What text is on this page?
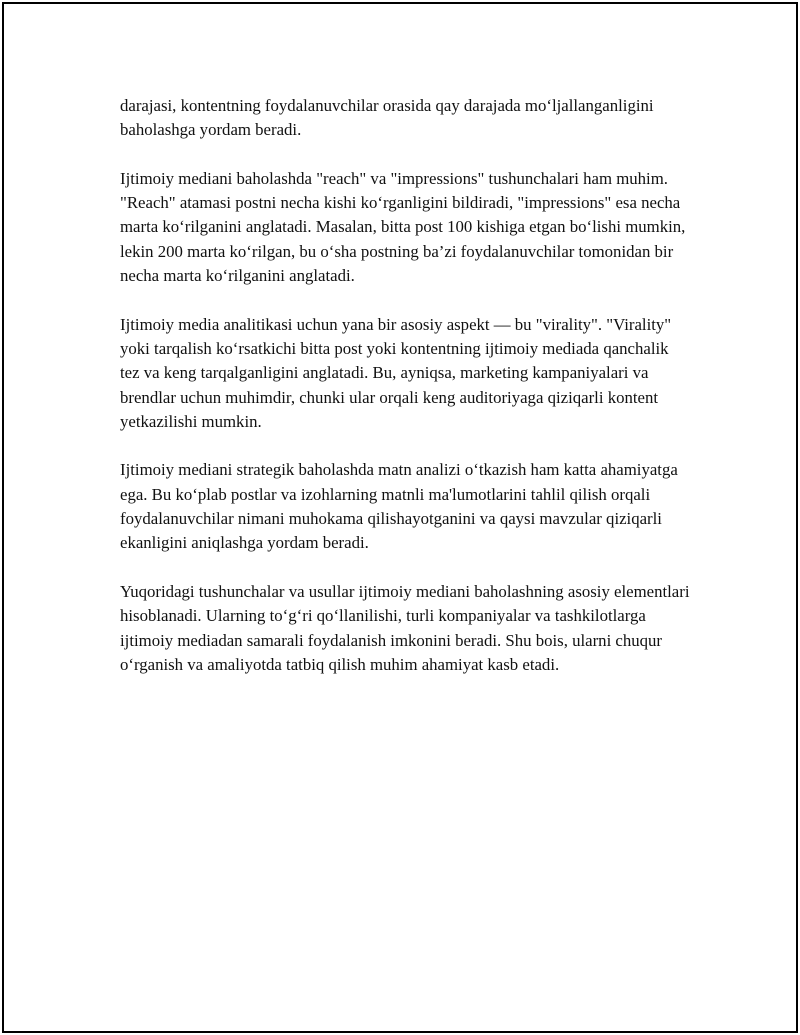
darajasi, kontentning foydalanuvchilar orasida qay darajada mo‘ljallanganligini baholashga yordam beradi.

Ijtimoiy mediani baholashda "reach" va "impressions" tushunchalari ham muhim. "Reach" atamasi postni necha kishi ko‘rganligini bildiradi, "impressions" esa necha marta ko‘rilganini anglatadi. Masalan, bitta post 100 kishiga etgan bo‘lishi mumkin, lekin 200 marta ko‘rilgan, bu o‘sha postning ba’zi foydalanuvchilar tomonidan bir necha marta ko‘rilganini anglatadi.

Ijtimoiy media analitikasi uchun yana bir asosiy aspekt — bu "virality". "Virality" yoki tarqalish ko‘rsatkichi bitta post yoki kontentning ijtimoiy mediada qanchalik tez va keng tarqalganligini anglatadi. Bu, ayniqsa, marketing kampaniyalari va brendlar uchun muhimdir, chunki ular orqali keng auditoriyaga qiziqarli kontent yetkazilishi mumkin.

Ijtimoiy mediani strategik baholashda matn analizi o‘tkazish ham katta ahamiyatga ega. Bu ko‘plab postlar va izohlarning matnli ma'lumotlarini tahlil qilish orqali foydalanuvchilar nimani muhokama qilishayotganini va qaysi mavzular qiziqarli ekanligini aniqlashga yordam beradi.

Yuqoridagi tushunchalar va usullar ijtimoiy mediani baholashning asosiy elementlari hisoblanadi. Ularning to‘g‘ri qo‘llanilishi, turli kompaniyalar va tashkilotlarga ijtimoiy mediadan samarali foydalanish imkonini beradi. Shu bois, ularni chuqur o‘rganish va amaliyotda tatbiq qilish muhim ahamiyat kasb etadi.
